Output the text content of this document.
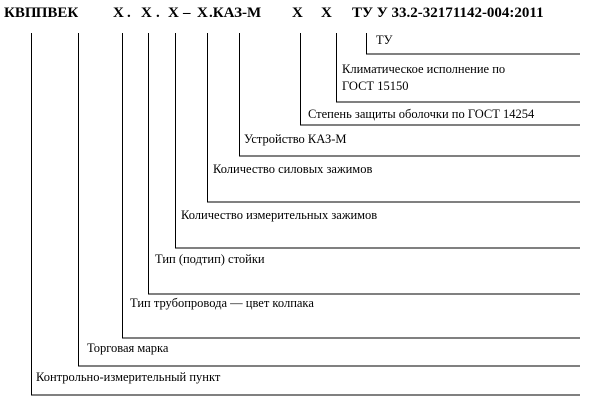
КВП
.ПВЕК Х . Х . Х – Х .КАЗ-М Х Х ТУ У 33.2-32171142-004:2011
ТУ
Климатическое исполнение по
ГОСТ 15150
Степень защиты оболочки по ГОСТ 14254
Устройство КАЗ-М
Количество силовых зажимов
Количество измерительных зажимов
Тип (подтип) стойки
Тип трубопровода — цвет колпака
Торговая марка
Контрольно-измерительный пункт
